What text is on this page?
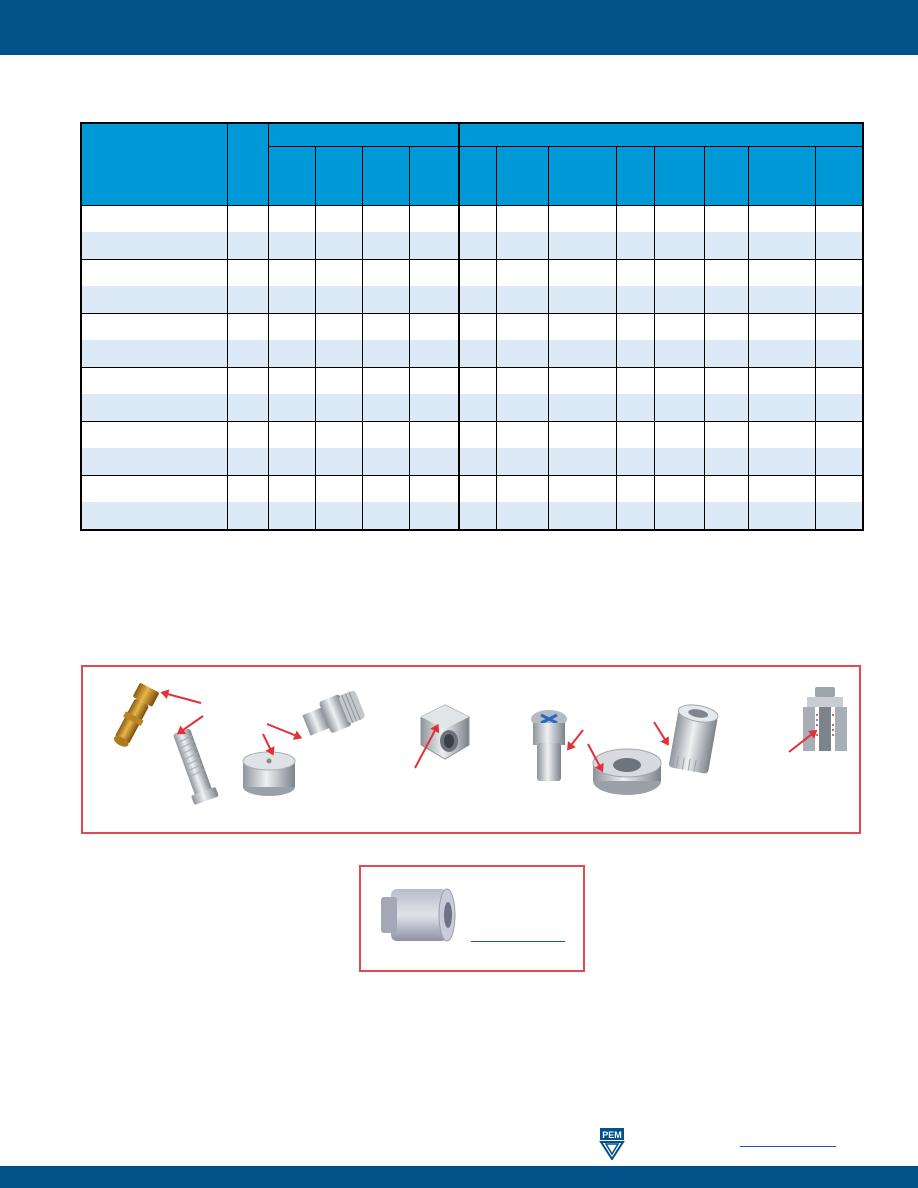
PEM
